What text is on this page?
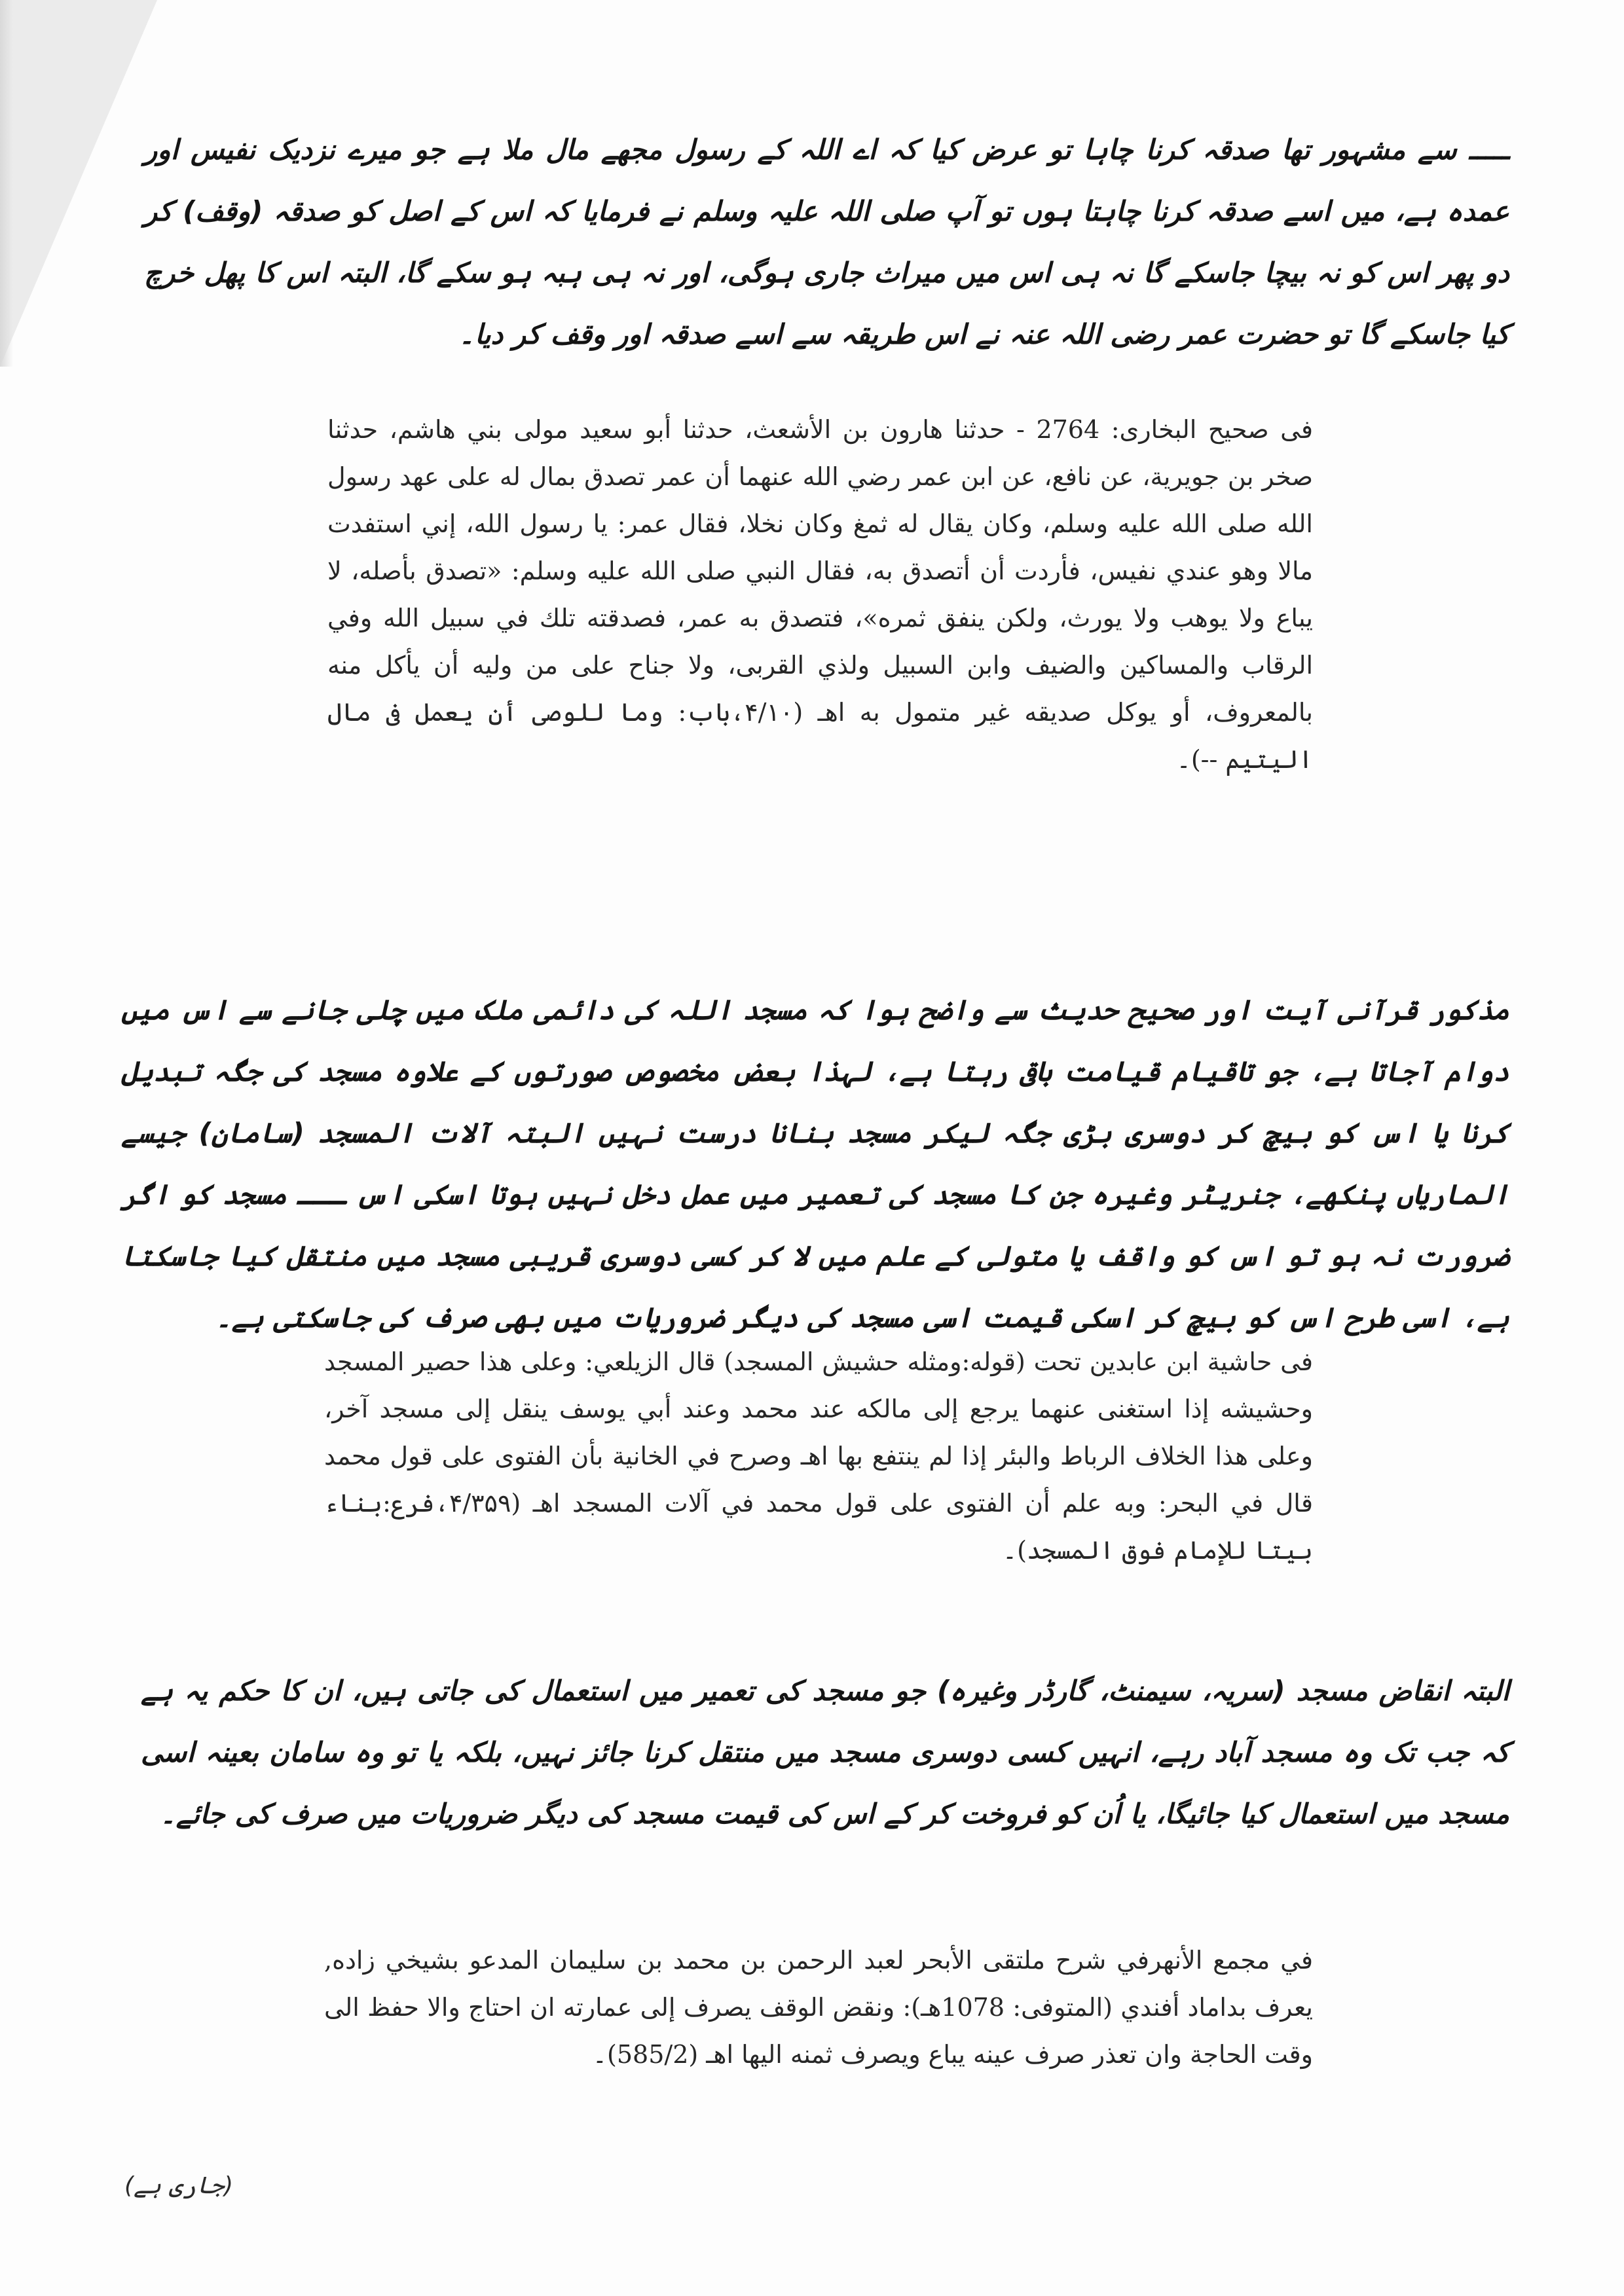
ـــــ سے مشہور تھا صدقہ کرنا چاہا تو عرض کیا کہ اے اللہ کے رسول مجھے مال ملا ہے جو میرے نزدیک نفیس اور عمدہ ہے، میں اسے صدقہ کرنا چاہتا ہوں تو آپ صلی اللہ علیہ وسلم نے فرمایا کہ اس کے اصل کو صدقہ (وقف) کر دو پھر اس کو نہ بیچا جاسکے گا نہ ہی اس میں میراث جاری ہوگی، اور نہ ہی ہبہ ہو سکے گا، البتہ اس کا پھل خرچ کیا جاسکے گا تو حضرت عمر رضی اللہ عنہ نے اس طریقہ سے اسے صدقہ اور وقف کر دیا۔

فی صحیح البخاری: 2764 - حدثنا هارون بن الأشعث، حدثنا أبو سعيد مولى بني هاشم، حدثنا صخر بن جويرية، عن نافع، عن ابن عمر رضي الله عنهما أن عمر تصدق بمال له على عهد رسول الله صلى الله عليه وسلم، وكان يقال له ثمغ وكان نخلا، فقال عمر: يا رسول الله، إني استفدت مالا وهو عندي نفيس، فأردت أن أتصدق به، فقال النبي صلى الله عليه وسلم: «تصدق بأصله، لا يباع ولا يوهب ولا يورث، ولكن ينفق ثمره»، فتصدق به عمر، فصدقته تلك في سبيل الله وفي الرقاب والمساكين والضيف وابن السبيل ولذي القربى، ولا جناح على من وليه أن يأكل منه بالمعروف، أو يوكل صديقه غير متمول به اهـ (۴/۱۰،باب: وما للوصی أن يعمل فی مال اليتيم --)۔

مذکور قرآنی آیت اور صحیح حدیث سے واضح ہوا کہ مسجد اللہ کی دائمی ملک میں چلی جانے سے اس میں دوام آجاتا ہے، جو تاقیام قیامت باقی رہتا ہے، لہذا بعض مخصوص صورتوں کے علاوہ مسجد کی جگہ تبدیل کرنا یا اس کو بیچ کر دوسری بڑی جگہ لیکر مسجد بنانا درست نہیں البتہ آلات المسجد (سامان) جیسے الماریاں پنکھے، جنریٹر وغیرہ جن کا مسجد کی تعمیر میں عمل دخل نہیں ہوتا اسکی اس ـــ مسجد کو اگر ضرورت نہ ہو تو اس کو واقف یا متولی کے علم میں لا کر کسی دوسری قریبی مسجد میں منتقل کیا جاسکتا ہے، اسی طرح اس کو بیچ کر اسکی قیمت اسی مسجد کی دیگر ضروریات میں بھی صرف کی جاسکتی ہے۔

فی حاشية ابن عابدين تحت (قوله:ومثله حشيش المسجد) قال الزيلعي: وعلى هذا حصير المسجد وحشيشه إذا استغنى عنهما يرجع إلى مالكه عند محمد وعند أبي يوسف ينقل إلى مسجد آخر، وعلى هذا الخلاف الرباط والبئر إذا لم ينتفع بها اهـ وصرح في الخانية بأن الفتوى على قول محمد قال في البحر: وبه علم أن الفتوى على قول محمد في آلات المسجد اهـ (۴/۳۵۹،فرع:بناء بيتا للإمام فوق المسجد)۔

البتہ انقاض مسجد (سریہ، سیمنٹ، گارڈر وغیرہ) جو مسجد کی تعمیر میں استعمال کی جاتی ہیں، ان کا حکم یہ ہے کہ جب تک وہ مسجد آباد رہے، انہیں کسی دوسری مسجد میں منتقل کرنا جائز نہیں، بلکہ یا تو وہ سامان بعینہ اسی مسجد میں استعمال کیا جائیگا، یا اُن کو فروخت کر کے اس کی قیمت مسجد کی دیگر ضروریات میں صرف کی جائے۔

في مجمع الأنهرفي شرح ملتقى الأبحر لعبد الرحمن بن محمد بن سليمان المدعو بشيخي زاده, يعرف بداماد أفندي (المتوفى: 1078هـ): ونقض الوقف يصرف إلى عمارته ان احتاج والا حفظ الى وقت الحاجة وان تعذر صرف عينه يباع ويصرف ثمنه اليها اهـ (585/2)۔

(جاری ہے)
